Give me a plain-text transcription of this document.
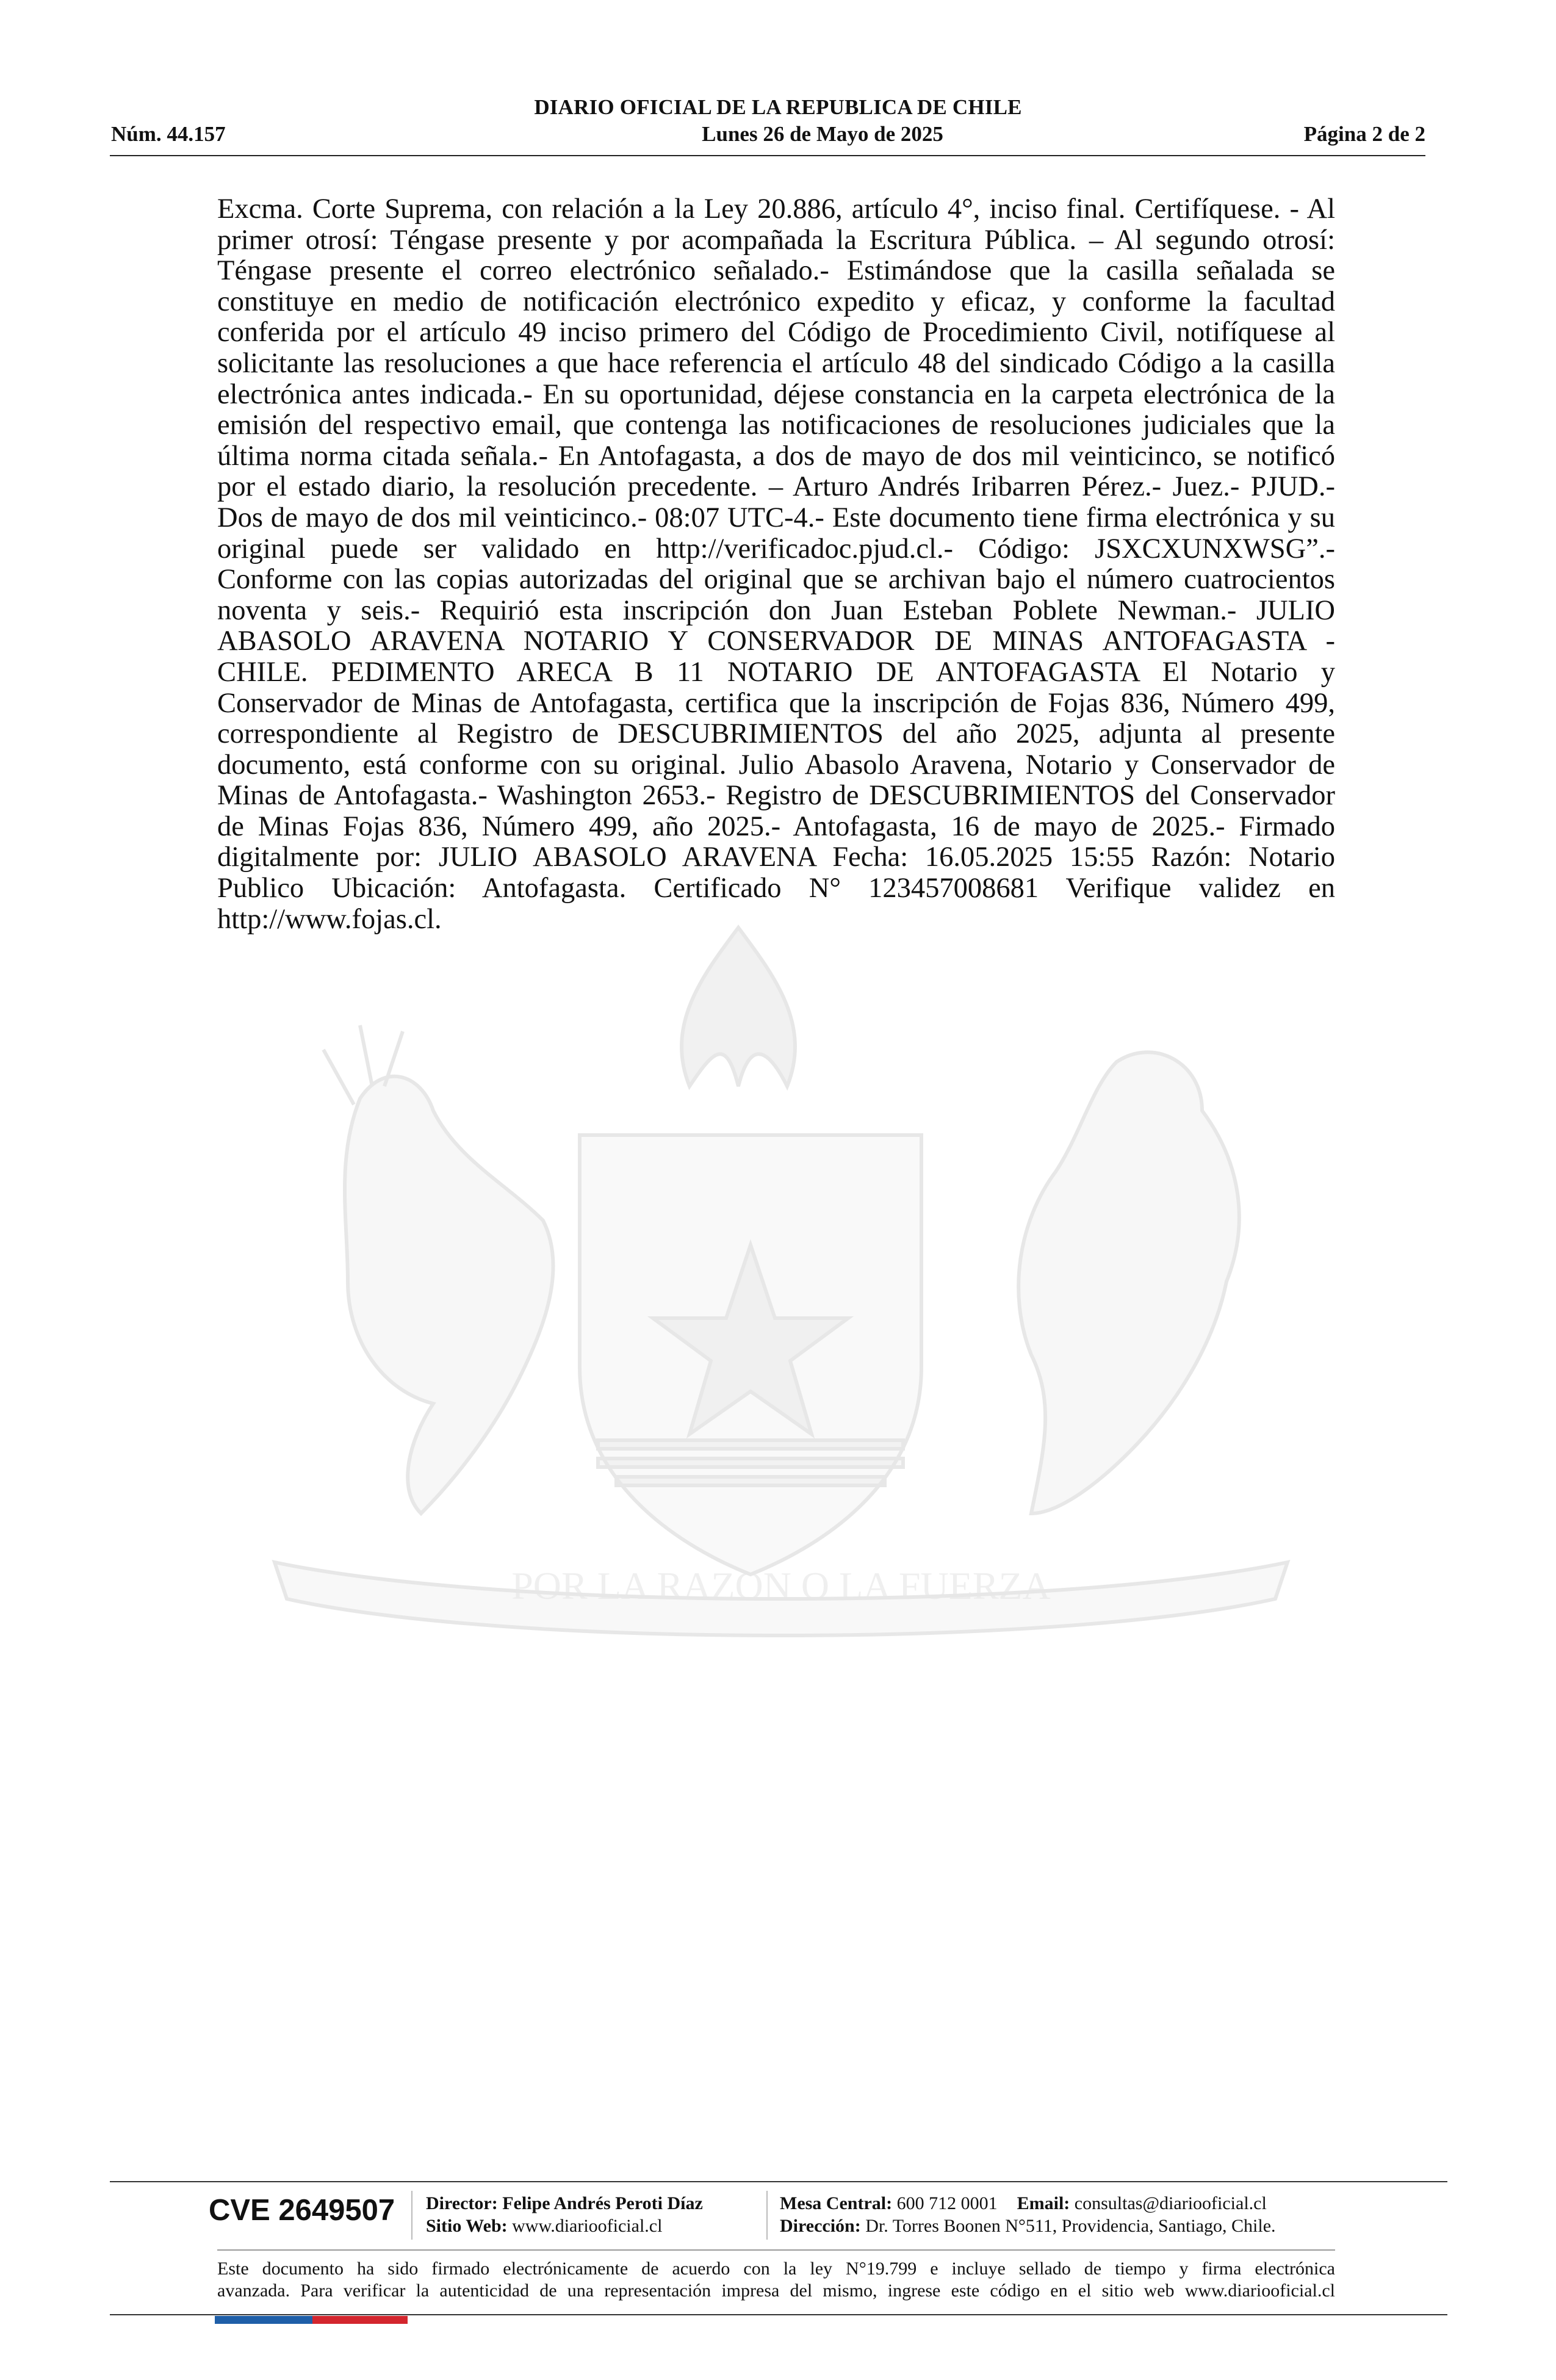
DIARIO OFICIAL DE LA REPUBLICA DE CHILE
Núm. 44.157	Lunes 26 de Mayo de 2025	Página 2 de 2
POR LA RAZON O LA FUERZA
Excma. Corte Suprema, con relación a la Ley 20.886, artículo 4°, inciso final. Certifíquese. - Al
primer otrosí: Téngase presente y por acompañada la Escritura Pública. – Al segundo otrosí:
Téngase presente el correo electrónico señalado.- Estimándose que la casilla señalada se
constituye en medio de notificación electrónico expedito y eficaz, y conforme la facultad
conferida por el artículo 49 inciso primero del Código de Procedimiento Civil, notifíquese al
solicitante las resoluciones a que hace referencia el artículo 48 del sindicado Código a la casilla
electrónica antes indicada.- En su oportunidad, déjese constancia en la carpeta electrónica de la
emisión del respectivo email, que contenga las notificaciones de resoluciones judiciales que la
última norma citada señala.- En Antofagasta, a dos de mayo de dos mil veinticinco, se notificó
por el estado diario, la resolución precedente. – Arturo Andrés Iribarren Pérez.- Juez.- PJUD.-
Dos de mayo de dos mil veinticinco.- 08:07 UTC-4.- Este documento tiene firma electrónica y su
original puede ser validado en http://verificadoc.pjud.cl.- Código: JSXCXUNXWSG”.-
Conforme con las copias autorizadas del original que se archivan bajo el número cuatrocientos
noventa y seis.- Requirió esta inscripción don Juan Esteban Poblete Newman.- JULIO
ABASOLO ARAVENA NOTARIO Y CONSERVADOR DE MINAS ANTOFAGASTA -
CHILE. PEDIMENTO ARECA B 11 NOTARIO DE ANTOFAGASTA El Notario y
Conservador de Minas de Antofagasta, certifica que la inscripción de Fojas 836, Número 499,
correspondiente al Registro de DESCUBRIMIENTOS del año 2025, adjunta al presente
documento, está conforme con su original. Julio Abasolo Aravena, Notario y Conservador de
Minas de Antofagasta.- Washington 2653.- Registro de DESCUBRIMIENTOS del Conservador
de Minas Fojas 836, Número 499, año 2025.- Antofagasta, 16 de mayo de 2025.- Firmado
digitalmente por: JULIO ABASOLO ARAVENA Fecha: 16.05.2025 15:55 Razón: Notario
Publico Ubicación: Antofagasta. Certificado N° 123457008681 Verifique validez en
http://www.fojas.cl.
CVE 2649507 Director: Felipe Andrés Peroti Díaz
Sitio Web: www.diariooficial.cl
Mesa Central: 600 712 0001 Email: consultas@diariooficial.cl
Dirección: Dr. Torres Boonen N°511, Providencia, Santiago, Chile.
Este documento ha sido firmado electrónicamente de acuerdo con la ley N°19.799 e incluye sellado de tiempo y firma electrónica
avanzada. Para verificar la autenticidad de una representación impresa del mismo, ingrese este código en el sitio web www.diariooficial.cl
